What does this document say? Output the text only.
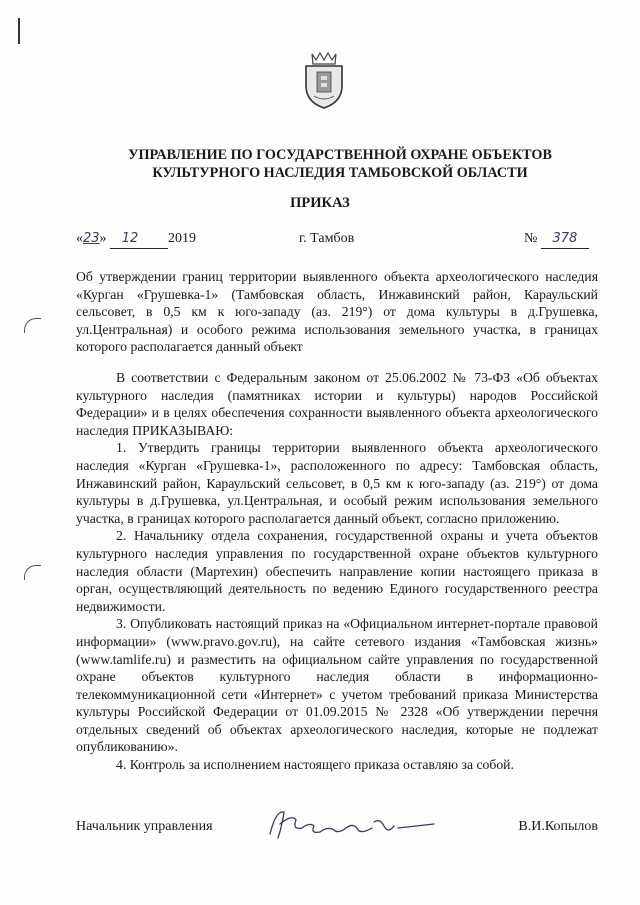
УПРАВЛЕНИЕ ПО ГОСУДАРСТВЕННОЙ ОХРАНЕ ОБЪЕКТОВ
КУЛЬТУРНОГО НАСЛЕДИЯ ТАМБОВСКОЙ ОБЛАСТИ
ПРИКАЗ
«23» 12 2019	г. Тамбов	№ 378
Об утверждении границ территории выявленного объекта археологического наследия «Курган «Грушевка-1» (Тамбовская область, Инжавинский район, Караульский сельсовет, в 0,5 км к юго-западу (аз. 219°) от дома культуры в д.Грушевка, ул.Центральная) и особого режима использования земельного участка, в границах которого располагается данный объект

В соответствии с Федеральным законом от 25.06.2002 № 73-ФЗ «Об объектах культурного наследия (памятниках истории и культуры) народов Российской Федерации» и в целях обеспечения сохранности выявленного объекта археологического наследия ПРИКАЗЫВАЮ:

1. Утвердить границы территории выявленного объекта археологического наследия «Курган «Грушевка-1», расположенного по адресу: Тамбовская область, Инжавинский район, Караульский сельсовет, в 0,5 км к юго-западу (аз. 219°) от дома культуры в д.Грушевка, ул.Центральная, и особый режим использования земельного участка, в границах которого располагается данный объект, согласно приложению.

2. Начальнику отдела сохранения, государственной охраны и учета объектов культурного наследия управления по государственной охране объектов культурного наследия области (Мартехин) обеспечить направление копии настоящего приказа в орган, осуществляющий деятельность по ведению Единого государственного реестра недвижимости.

3. Опубликовать настоящий приказ на «Официальном интернет-портале правовой информации» (www.pravo.gov.ru), на сайте сетевого издания «Тамбовская жизнь» (www.tamlife.ru) и разместить на официальном сайте управления по государственной охране объектов культурного наследия области в информационно-телекоммуникационной сети «Интернет» с учетом требований приказа Министерства культуры Российской Федерации от 01.09.2015 № 2328 «Об утверждении перечня отдельных сведений об объектах археологического наследия, которые не подлежат опубликованию».

4. Контроль за исполнением настоящего приказа оставляю за собой.

Начальник управления	В.И.Копылов
